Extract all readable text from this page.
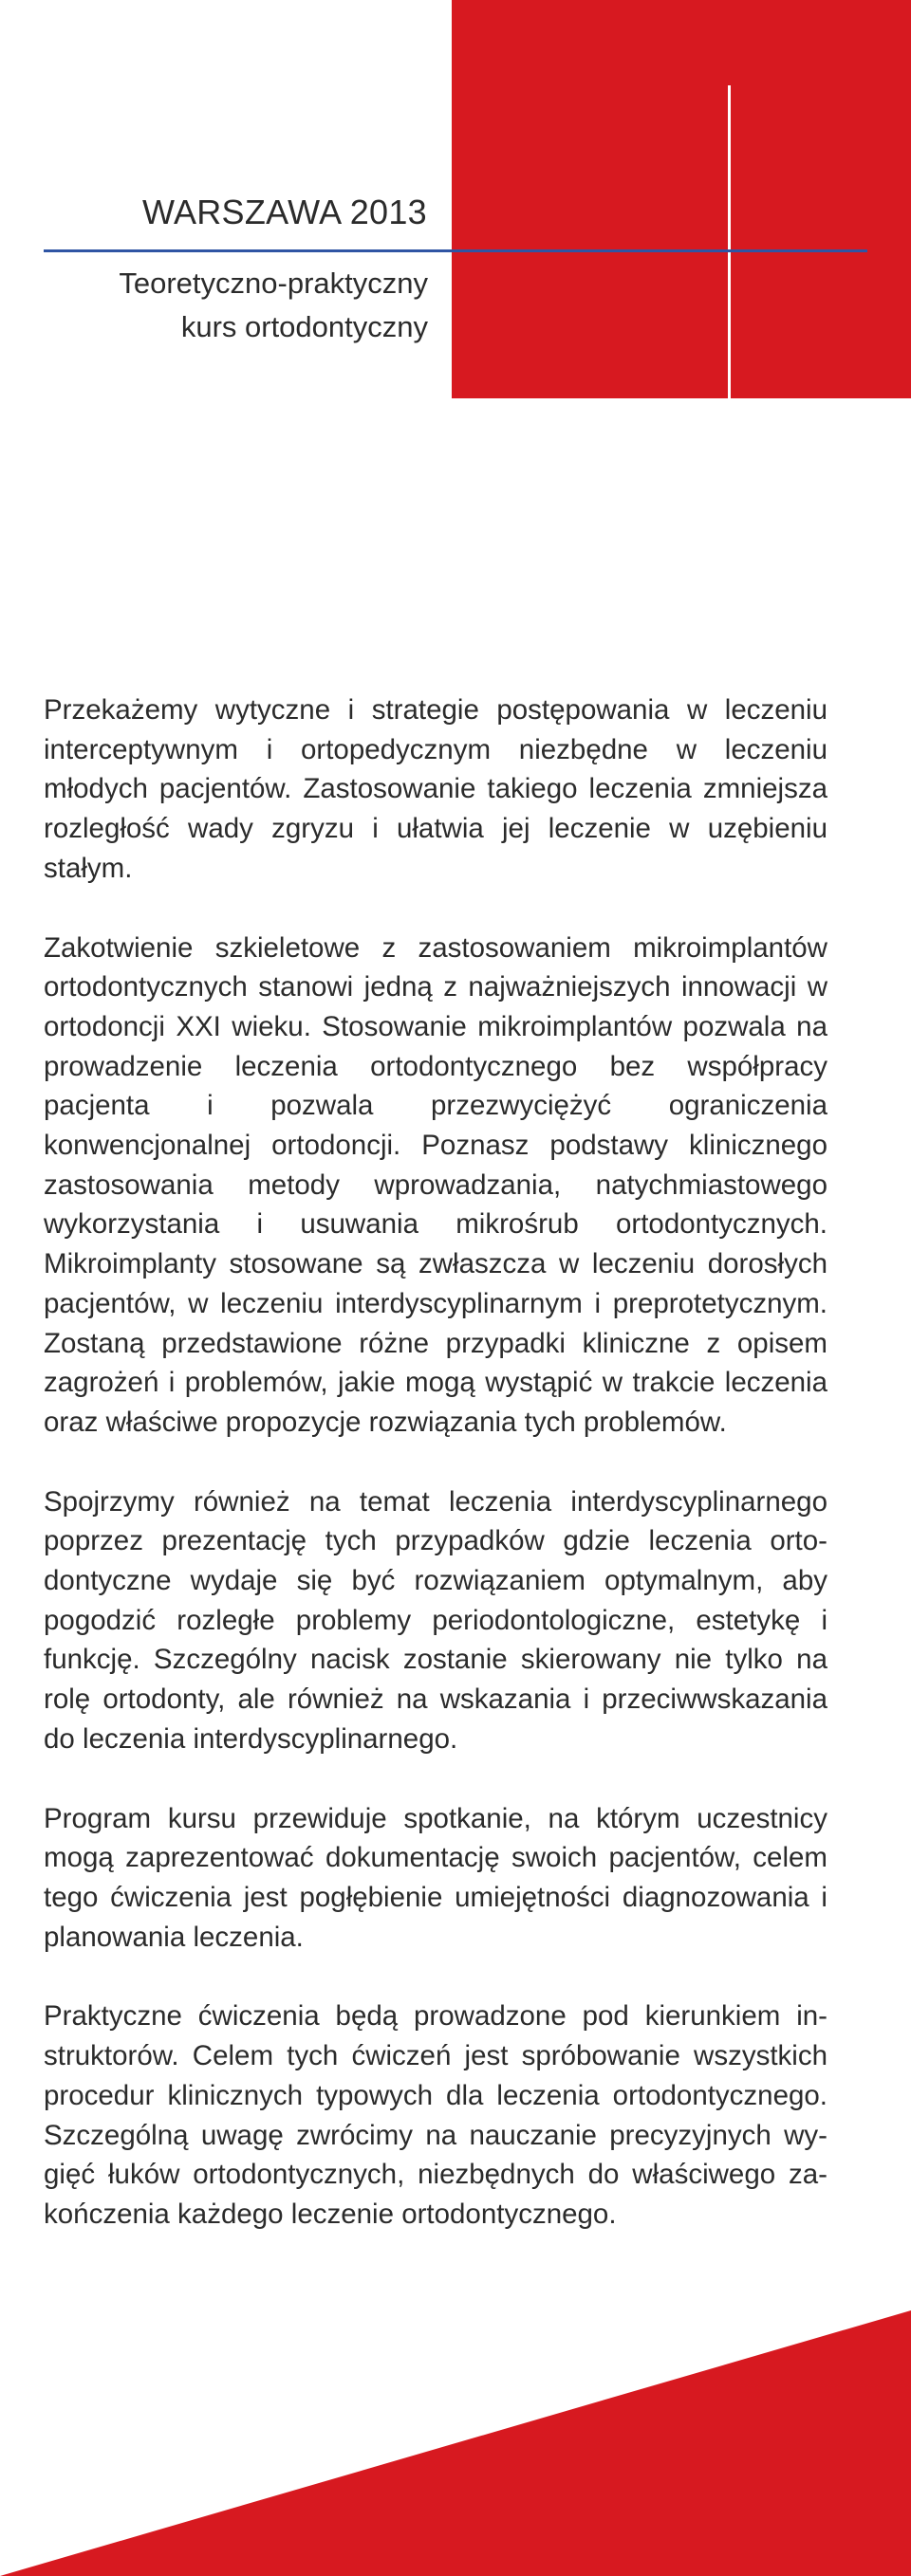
WARSZAWA 2013
Teoretyczno-praktyczny
kurs ortodontyczny

Przekażemy wytyczne i strategie postępowania w leczeniu interceptywnym i ortopedycznym niezbędne w leczeniu młodych pacjentów. Zastosowanie takiego leczenia zmniejsza rozległość wady zgryzu i ułatwia jej leczenie w uzębieniu stałym.

Zakotwienie szkieletowe z zastosowaniem mikroimplantów ortodontycznych stanowi jedną z najważniejszych innowacji w ortodoncji XXI wieku. Stosowanie mikroimplantów pozwala na prowadzenie leczenia ortodontycznego bez współpracy pacjenta i pozwala przezwyciężyć ograniczenia konwencjonalnej ortodoncji. Poznasz podstawy klinicznego zastosowania metody wprowadzania, natychmiastowego wykorzystania i usuwania mikrośrub ortodontycznych. Mikroimplanty stosowane są zwłaszcza w leczeniu dorosłych pacjentów, w leczeniu interdyscyplinarnym i preprotetycznym. Zostaną przedstawione różne przypadki kliniczne z opisem zagrożeń i problemów, jakie mogą wystąpić w trakcie leczenia oraz właściwe propozycje rozwiązania tych problemów.

Spojrzymy również na temat leczenia interdyscyplinarnego poprzez prezentację tych przypadków gdzie leczenia ortodontyczne wydaje się być rozwiązaniem optymalnym, aby pogodzić rozległe problemy periodontologiczne, estetykę i funkcję. Szczególny nacisk zostanie skierowany nie tylko na rolę ortodonty, ale również na wskazania i przeciwwskazania do leczenia interdyscyplinarnego.

Program kursu przewiduje spotkanie, na którym uczestnicy mogą zaprezentować dokumentację swoich pacjentów, celem tego ćwiczenia jest pogłębienie umiejętności diagnozowania i planowania leczenia.

Praktyczne ćwiczenia będą prowadzone pod kierunkiem instruktorów. Celem tych ćwiczeń jest spróbowanie wszystkich procedur klinicznych typowych dla leczenia ortodontycznego. Szczególną uwagę zwrócimy na nauczanie precyzyjnych wygięć łuków ortodontycznych, niezbędnych do właściwego zakończenia każdego leczenie ortodontycznego.
